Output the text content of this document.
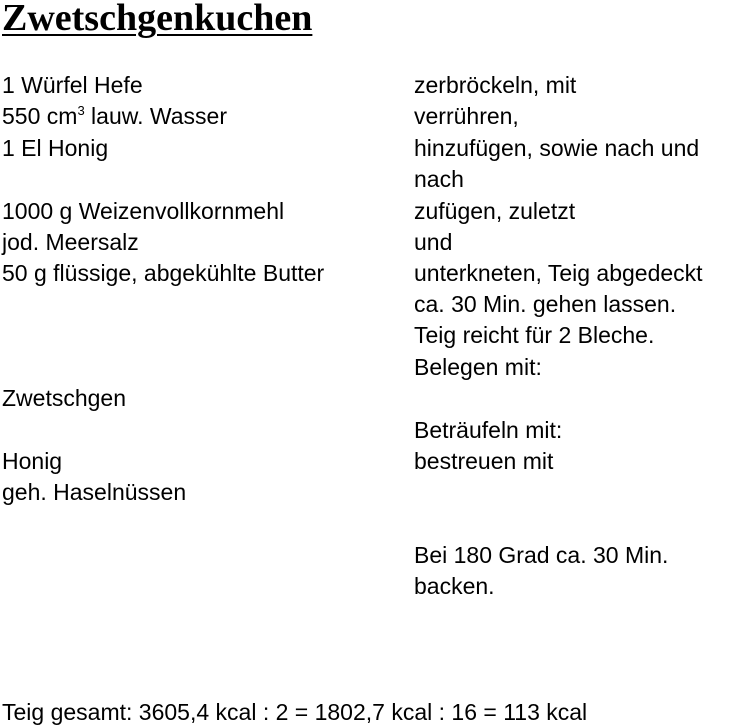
Zwetschgenkuchen
1 Würfel Hefe
550 $cm^3$ lauw. Wasser
1 El Honig
1000 g Weizenvollkornmehl
jod. Meersalz
50 g flüssige, abgekühlte Butter
Zwetschgen
Honig
geh. Haselnüssen
zerbröckeln, mit
verrühren,
hinzufügen, sowie nach und
nach
zufügen, zuletzt
und
unterkneten, Teig abgedeckt
ca. 30 Min. gehen lassen.
Teig reicht für 2 Bleche.
Belegen mit:
Beträufeln mit:
bestreuen mit
Bei 180 Grad ca. 30 Min.
backen.
Teig gesamt: 3605,4 kcal : 2 = 1802,7 kcal : 16 = 113 kcal
